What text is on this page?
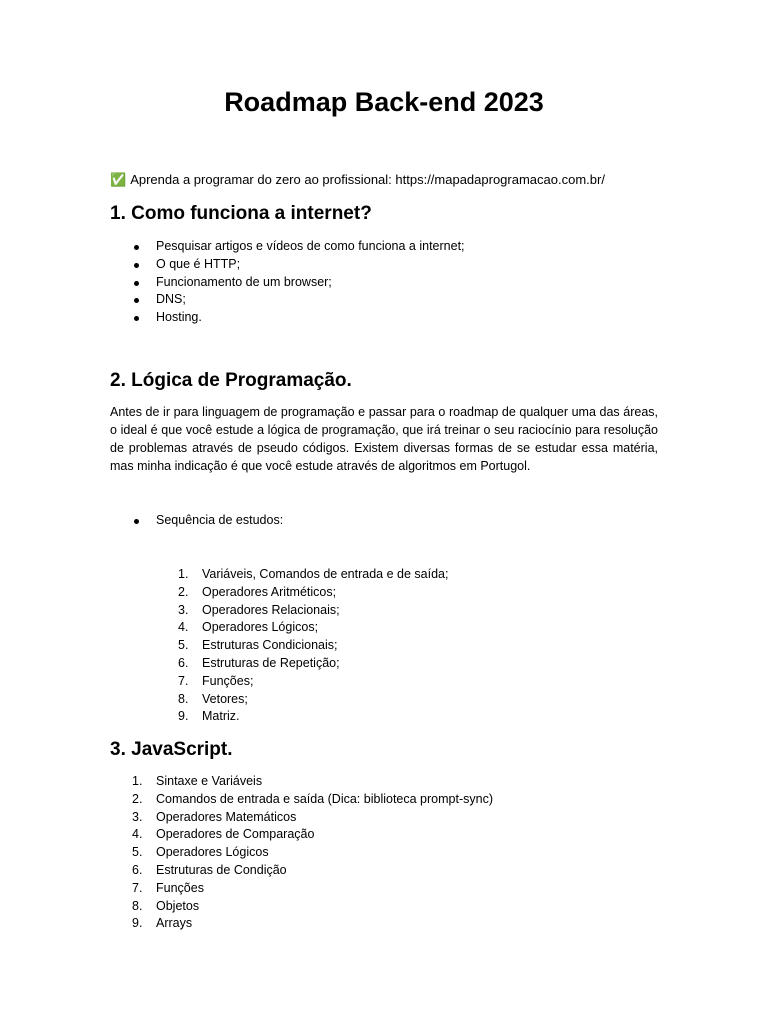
Roadmap Back-end 2023
✅ Aprenda a programar do zero ao profissional: https://mapadaprogramacao.com.br/
1. Como funciona a internet?
Pesquisar artigos e vídeos de como funciona a internet;
O que é HTTP;
Funcionamento de um browser;
DNS;
Hosting.
2. Lógica de Programação.

Antes de ir para linguagem de programação e passar para o roadmap de qualquer uma das áreas, o ideal é que você estude a lógica de programação, que irá treinar o seu raciocínio para resolução de problemas através de pseudo códigos. Existem diversas formas de se estudar essa matéria, mas minha indicação é que você estude através de algoritmos em Portugol.

Sequência de estudos:
1.	Variáveis, Comandos de entrada e de saída;
2.	Operadores Aritméticos;
3.	Operadores Relacionais;
4.	Operadores Lógicos;
5.	Estruturas Condicionais;
6.	Estruturas de Repetição;
7.	Funções;
8.	Vetores;
9.	Matriz.
3. JavaScript.
1.	Sintaxe e Variáveis
2.	Comandos de entrada e saída (Dica: biblioteca prompt-sync)
3.	Operadores Matemáticos
4.	Operadores de Comparação
5.	Operadores Lógicos
6.	Estruturas de Condição
7.	Funções
8.	Objetos
9.	Arrays
